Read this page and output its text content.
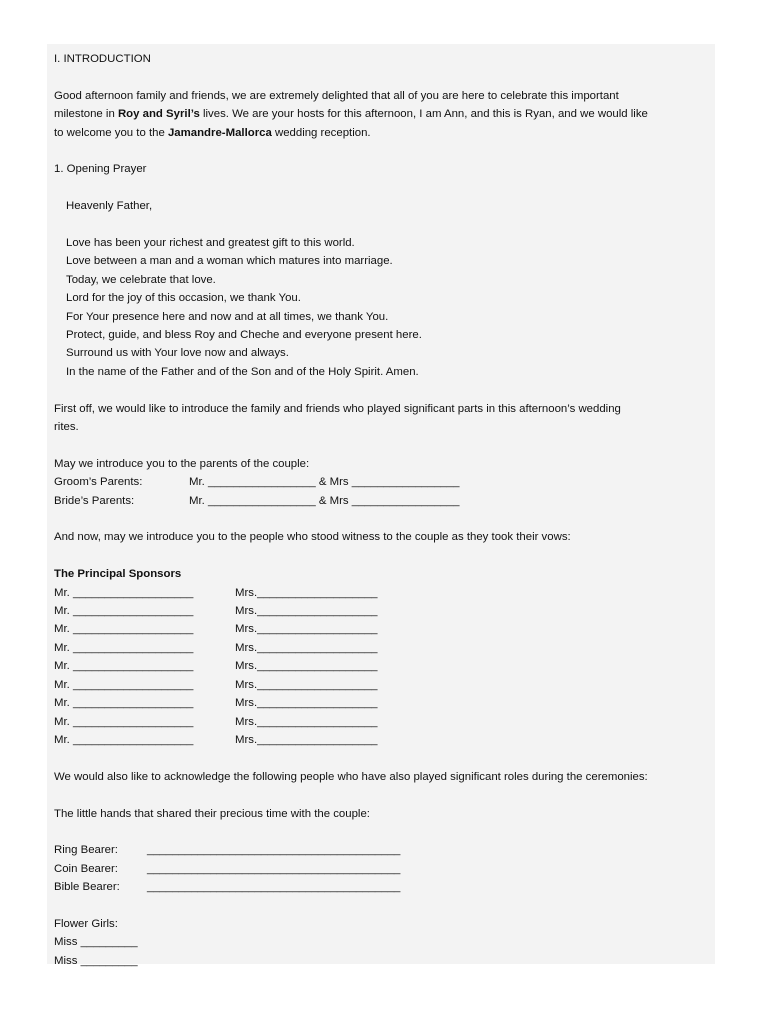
I. INTRODUCTION

Good afternoon family and friends, we are extremely delighted that all of you are here to celebrate this important

milestone in Roy and Syril’s lives. We are your hosts for this afternoon, I am Ann, and this is Ryan, and we would like

to welcome you to the Jamandre-Mallorca wedding reception.

1. Opening Prayer

Heavenly Father,

Love has been your richest and greatest gift to this world.

Love between a man and a woman which matures into marriage.

Today, we celebrate that love.

Lord for the joy of this occasion, we thank You.

For Your presence here and now and at all times, we thank You.

Protect, guide, and bless Roy and Cheche and everyone present here.

Surround us with Your love now and always.

In the name of the Father and of the Son and of the Holy Spirit. Amen.

First off, we would like to introduce the family and friends who played significant parts in this afternoon’s wedding

rites.

May we introduce you to the parents of the couple:

Groom’s Parents:	Mr. _________________ & Mrs _________________
Bride’s Parents:	Mr. _________________ & Mrs _________________

And now, may we introduce you to the people who stood witness to the couple as they took their vows:

The Principal Sponsors

Mr. ___________________	Mrs.___________________
Mr. ___________________	Mrs.___________________
Mr. ___________________	Mrs.___________________
Mr. ___________________	Mrs.___________________
Mr. ___________________	Mrs.___________________
Mr. ___________________	Mrs.___________________
Mr. ___________________	Mrs.___________________
Mr. ___________________	Mrs.___________________
Mr. ___________________	Mrs.___________________

We would also like to acknowledge the following people who have also played significant roles during the ceremonies:

The little hands that shared their precious time with the couple:

Ring Bearer:	________________________________________
Coin Bearer:	________________________________________
Bible Bearer:	________________________________________

Flower Girls:

Miss _________

Miss _________
